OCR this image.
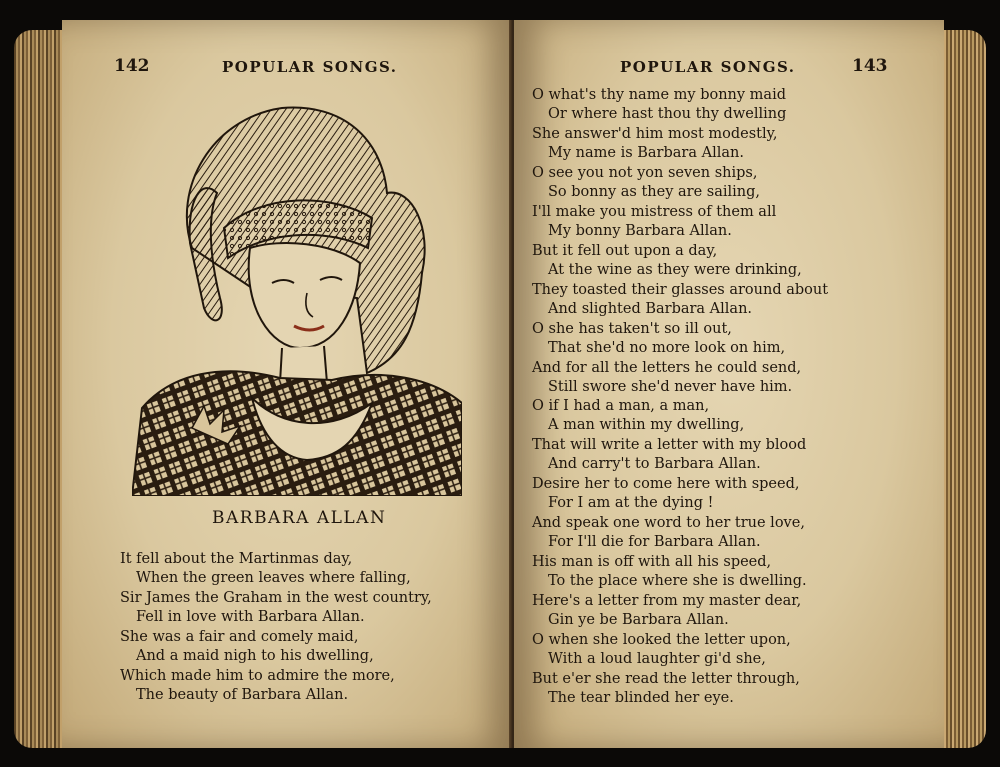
142	POPULAR SONGS.
BARBARA ALLAN
It fell about the Martinmas day,
When the green leaves where falling,
Sir James the Graham in the west country,
Fell in love with Barbara Allan.
She was a fair and comely maid,
And a maid nigh to his dwelling,
Which made him to admire the more,
The beauty of Barbara Allan.
POPULAR SONGS.	143
O what's thy name my bonny maid
Or where hast thou thy dwelling
She answer'd him most modestly,
My name is Barbara Allan.
O see you not yon seven ships,
So bonny as they are sailing,
I'll make you mistress of them all
My bonny Barbara Allan.
But it fell out upon a day,
At the wine as they were drinking,
They toasted their glasses around about
And slighted Barbara Allan.
O she has taken't so ill out,
That she'd no more look on him,
And for all the letters he could send,
Still swore she'd never have him.
O if I had a man, a man,
A man within my dwelling,
That will write a letter with my blood
And carry't to Barbara Allan.
Desire her to come here with speed,
For I am at the dying !
And speak one word to her true love,
For I'll die for Barbara Allan.
His man is off with all his speed,
To the place where she is dwelling.
Here's a letter from my master dear,
Gin ye be Barbara Allan.
O when she looked the letter upon,
With a loud laughter gi'd she,
But e'er she read the letter through,
The tear blinded her eye.
